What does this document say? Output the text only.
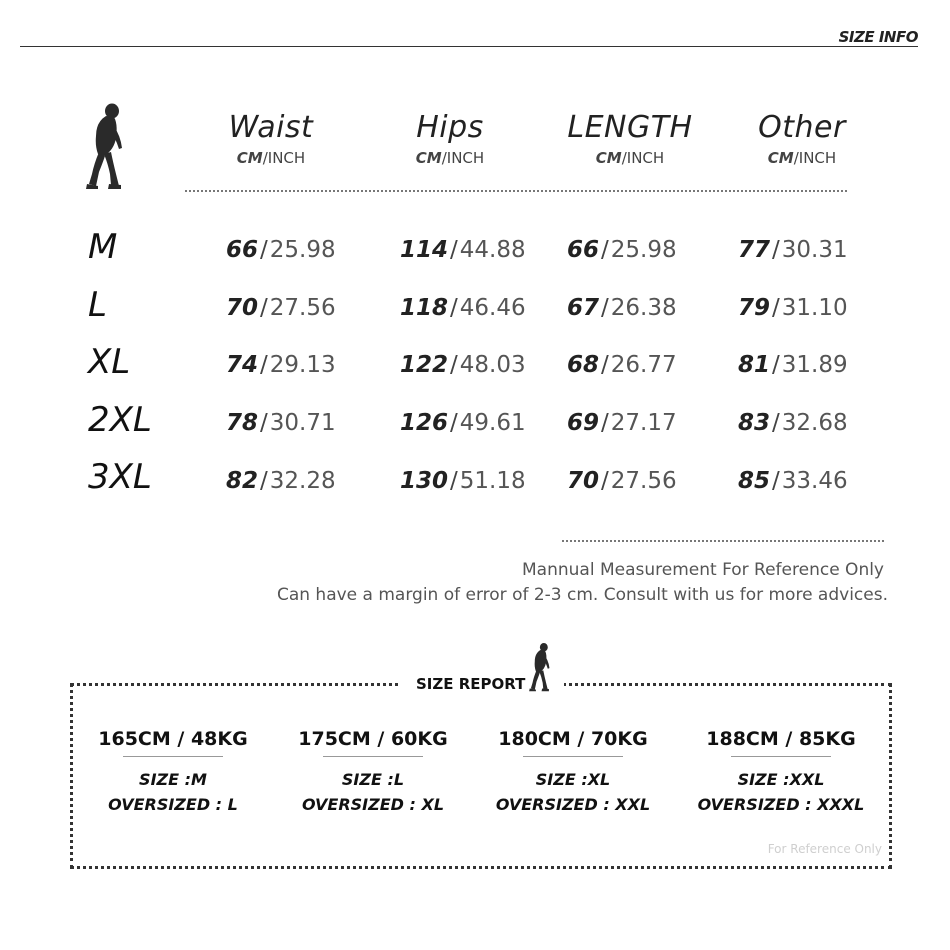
SIZE INFO
Waist
CM/INCH
Hips
CM/INCH
LENGTH
CM/INCH
Other
CM/INCH
M	66/25.98	114/44.88 66/25.98	77/30.31
L	70/27.56	118/46.46 67/26.38	79/31.10
XL	74/29.13	122/48.03 68/26.77	81/31.89
2XL	78/30.71	126/49.61 69/27.17	83/32.68
3XL	82/32.28	130/51.18 70/27.56	85/33.46
Mannual Measurement For Reference Only
Can have a margin of error of 2-3 cm. Consult with us for more advices.
SIZE REPORT
165CM / 48KG
SIZE :M
OVERSIZED : L
175CM / 60KG
SIZE :L
OVERSIZED : XL
180CM / 70KG
SIZE :XL
OVERSIZED : XXL
188CM / 85KG
SIZE :XXL
OVERSIZED : XXXL
For Reference Only
